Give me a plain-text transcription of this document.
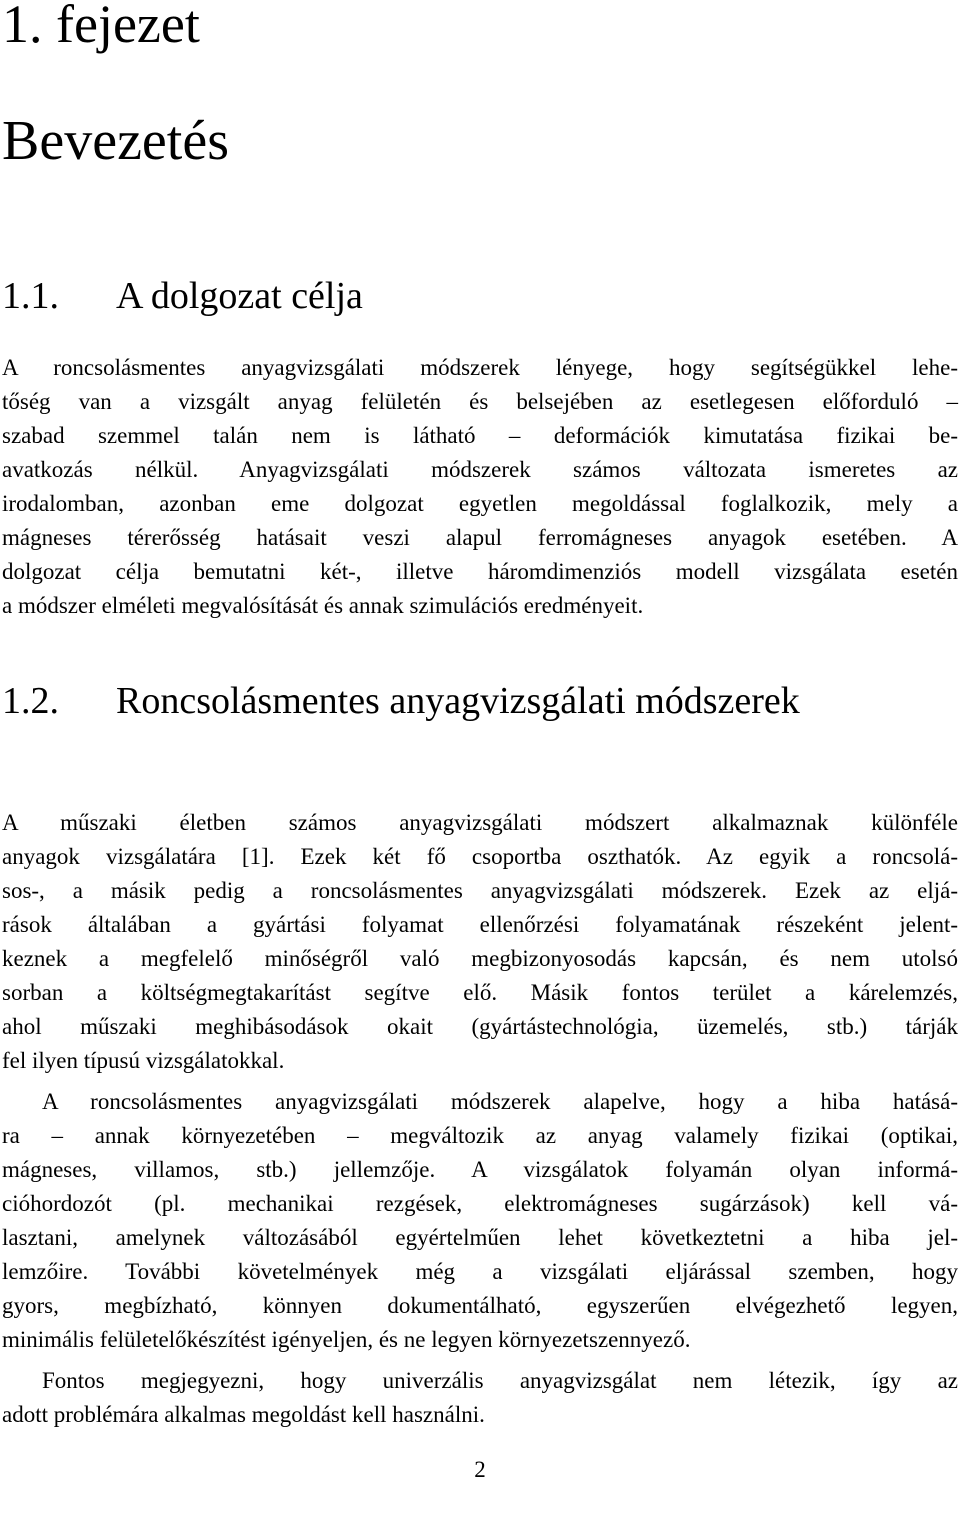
1. fejezet
Bevezetés
1.1. A dolgozat célja
A roncsolásmentes anyagvizsgálati módszerek lényege, hogy segítségükkel lehe-
tőség van a vizsgált anyag felületén és belsejében az esetlegesen előforduló –
szabad szemmel talán nem is látható – deformációk kimutatása fizikai be-
avatkozás nélkül. Anyagvizsgálati módszerek számos változata ismeretes az
irodalomban, azonban eme dolgozat egyetlen megoldással foglalkozik, mely a
mágneses térerősség hatásait veszi alapul ferromágneses anyagok esetében. A
dolgozat célja bemutatni két-, illetve háromdimenziós modell vizsgálata esetén
a módszer elméleti megvalósítását és annak szimulációs eredményeit.
1.2. Roncsolásmentes anyagvizsgálati módszerek
A műszaki életben számos anyagvizsgálati módszert alkalmaznak különféle
anyagok vizsgálatára [1]. Ezek két fő csoportba oszthatók. Az egyik a roncsolá-
sos-, a másik pedig a roncsolásmentes anyagvizsgálati módszerek. Ezek az eljá-
rások általában a gyártási folyamat ellenőrzési folyamatának részeként jelent-
keznek a megfelelő minőségről való megbizonyosodás kapcsán, és nem utolsó
sorban a költségmegtakarítást segítve elő. Másik fontos terület a kárelemzés,
ahol műszaki meghibásodások okait (gyártástechnológia, üzemelés, stb.) tárják
fel ilyen típusú vizsgálatokkal.
A roncsolásmentes anyagvizsgálati módszerek alapelve, hogy a hiba hatásá-
ra – annak környezetében – megváltozik az anyag valamely fizikai (optikai,
mágneses, villamos, stb.) jellemzője. A vizsgálatok folyamán olyan informá-
cióhordozót (pl. mechanikai rezgések, elektromágneses sugárzások) kell vá-
lasztani, amelynek változásából egyértelműen lehet következtetni a hiba jel-
lemzőire. További követelmények még a vizsgálati eljárással szemben, hogy
gyors, megbízható, könnyen dokumentálható, egyszerűen elvégezhető legyen,
minimális felületelőkészítést igényeljen, és ne legyen környezetszennyező.
Fontos megjegyezni, hogy univerzális anyagvizsgálat nem létezik, így az
adott problémára alkalmas megoldást kell használni.
2
